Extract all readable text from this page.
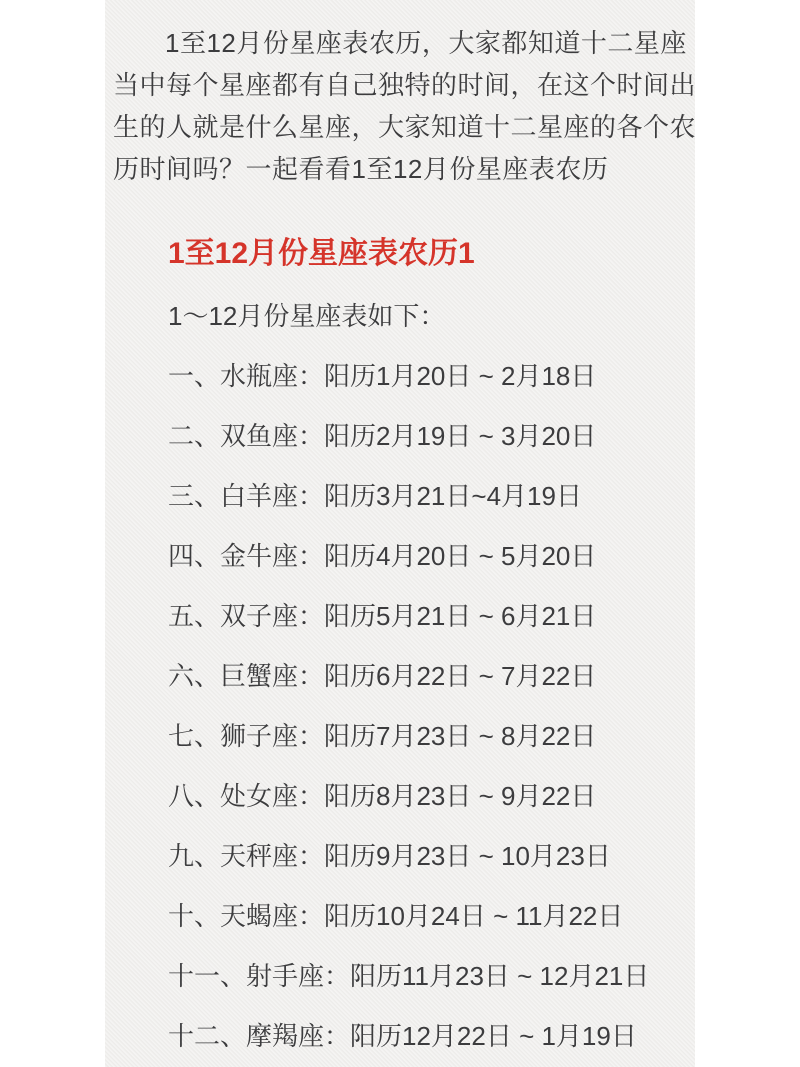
1至12月份星座表农历，大家都知道十二星座
当中每个星座都有自己独特的时间，在这个时间出
生的人就是什么星座，大家知道十二星座的各个农
历时间吗？一起看看1至12月份星座表农历
1至12月份星座表农历1
1～12月份星座表如下：
一、水瓶座：阳历1月20日 ~ 2月18日
二、双鱼座：阳历2月19日 ~ 3月20日
三、白羊座：阳历3月21日~4月19日
四、金牛座：阳历4月20日 ~ 5月20日
五、双子座：阳历5月21日 ~ 6月21日
六、巨蟹座：阳历6月22日 ~ 7月22日
七、狮子座：阳历7月23日 ~ 8月22日
八、处女座：阳历8月23日 ~ 9月22日
九、天秤座：阳历9月23日 ~ 10月23日
十、天蝎座：阳历10月24日 ~ 11月22日
十一、射手座：阳历11月23日 ~ 12月21日
十二、摩羯座：阳历12月22日 ~ 1月19日
